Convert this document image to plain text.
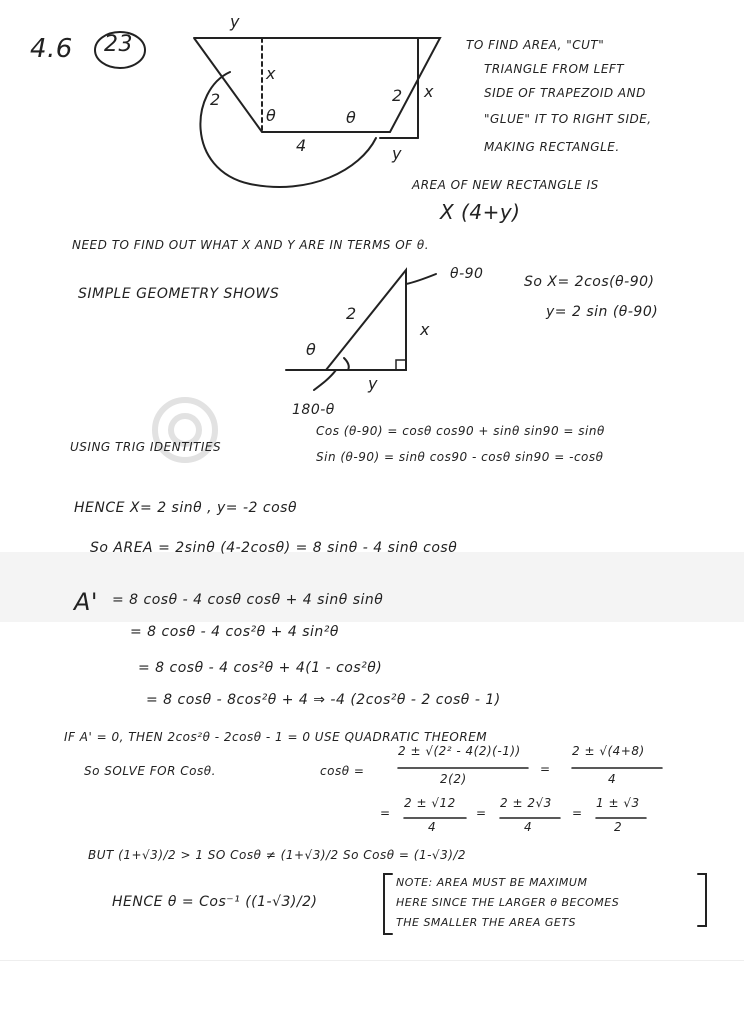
4.6 23
y
x
x
2	2
θ	θ
4	y
TO FIND AREA, "CUT"
TRIANGLE FROM LEFT
SIDE OF TRAPEZOID AND
"GLUE" IT TO RIGHT SIDE,
MAKING RECTANGLE.
AREA OF NEW RECTANGLE IS
X (4+y)
NEED TO FIND OUT WHAT X AND Y ARE IN TERMS OF θ.
SIMPLE GEOMETRY SHOWS
θ-90
2
x
θ
y
180-θ
So X= 2cos(θ-90)
y= 2 sin (θ-90)
USING TRIG IDENTITIES
Cos (θ-90) = cosθ cos90 + sinθ sin90 = sinθ
Sin (θ-90) = sinθ cos90 - cosθ sin90 = -cosθ
HENCE X= 2 sinθ , y= -2 cosθ
So AREA = 2sinθ (4-2cosθ) = 8 sinθ - 4 sinθ cosθ
A' = 8 cosθ - 4 cosθ cosθ + 4 sinθ sinθ
= 8 cosθ - 4 cos²θ + 4 sin²θ
= 8 cosθ - 4 cos²θ + 4(1 - cos²θ)
= 8 cosθ - 8cos²θ + 4 ⇒ -4 (2cos²θ - 2 cosθ - 1)
IF A' = 0, THEN 2cos²θ - 2cosθ - 1 = 0 USE QUADRATIC THEOREM
So SOLVE FOR Cosθ.	cosθ =
2 ± √(2² - 4(2)(-1))
2(2)
=
2 ± √(4+8)
4
=
2 ± √12
4
=
2 ± 2√3
4
=
1 ± √3
2
BUT (1+√3)/2 > 1 SO Cosθ ≠ (1+√3)/2 So Cosθ = (1-√3)/2
HENCE θ = Cos⁻¹ ((1-√3)/2)
NOTE: AREA MUST BE MAXIMUM
HERE SINCE THE LARGER θ BECOMES
THE SMALLER THE AREA GETS
